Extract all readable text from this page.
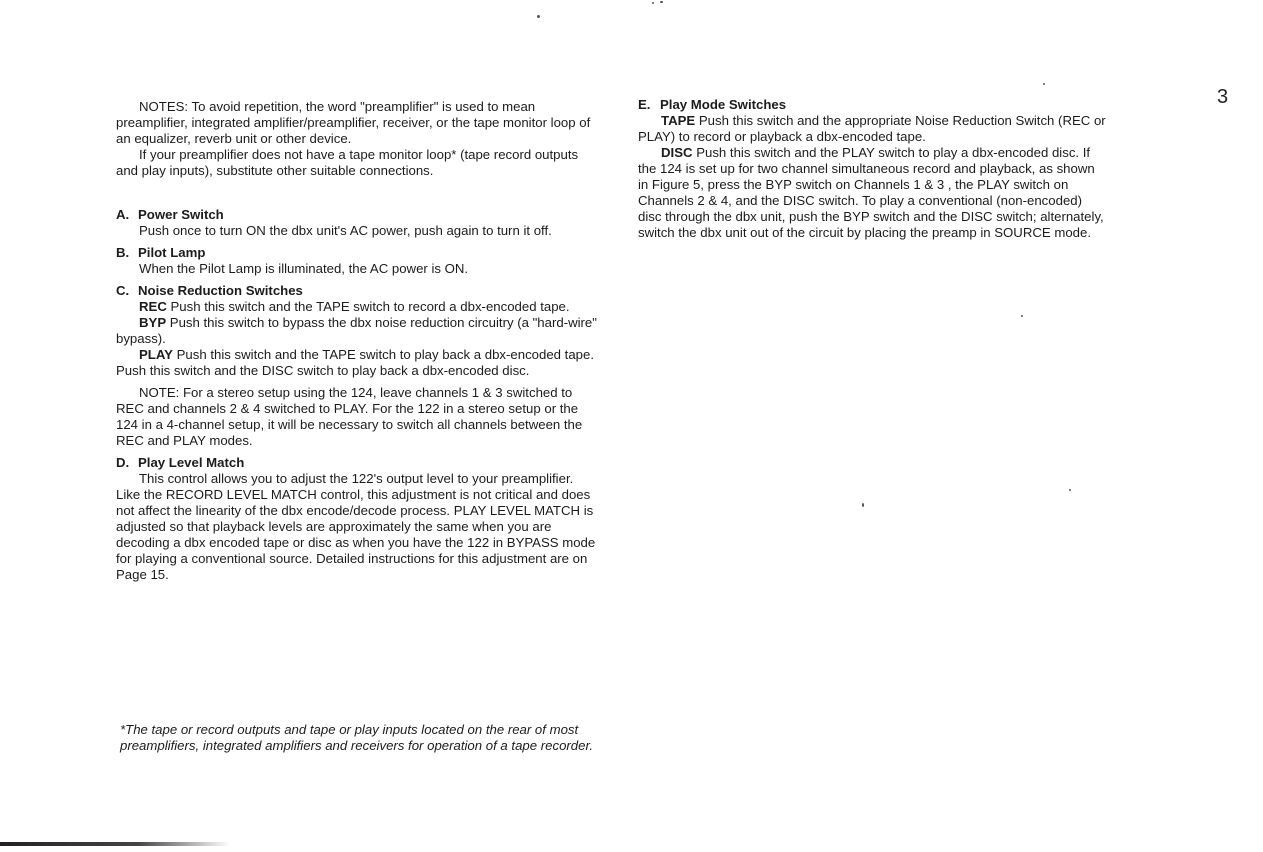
3

NOTES: To avoid repetition, the word "preamplifier" is used to mean preamplifier, integrated amplifier/preamplifier, receiver, or the tape monitor loop of an equalizer, reverb unit or other device.

If your preamplifier does not have a tape monitor loop* (tape record outputs and play inputs), substitute other suitable connections.

A. Power Switch

Push once to turn ON the dbx unit's AC power, push again to turn it off.

B. Pilot Lamp

When the Pilot Lamp is illuminated, the AC power is ON.

C. Noise Reduction Switches

REC Push this switch and the TAPE switch to record a dbx-encoded tape.

BYP Push this switch to bypass the dbx noise reduction circuitry (a "hard-wire" bypass).

PLAY Push this switch and the TAPE switch to play back a dbx-encoded tape. Push this switch and the DISC switch to play back a dbx-encoded disc.

NOTE: For a stereo setup using the 124, leave channels 1 & 3 switched to REC and channels 2 & 4 switched to PLAY. For the 122 in a stereo setup or the 124 in a 4-channel setup, it will be necessary to switch all channels between the REC and PLAY modes.

D. Play Level Match

This control allows you to adjust the 122's output level to your preamplifier. Like the RECORD LEVEL MATCH control, this adjustment is not critical and does not affect the linearity of the dbx encode/decode process. PLAY LEVEL MATCH is adjusted so that playback levels are approximately the same when you are decoding a dbx encoded tape or disc as when you have the 122 in BYPASS mode for playing a conventional source. Detailed instructions for this adjustment are on Page 15.

E. Play Mode Switches

TAPE Push this switch and the appropriate Noise Reduction Switch (REC or PLAY) to record or playback a dbx-encoded tape.

DISC Push this switch and the PLAY switch to play a dbx-encoded disc. If the 124 is set up for two channel simultaneous record and playback, as shown in Figure 5, press the BYP switch on Channels 1 & 3 , the PLAY switch on Channels 2 & 4, and the DISC switch. To play a conventional (non-encoded) disc through the dbx unit, push the BYP switch and the DISC switch; alternately, switch the dbx unit out of the circuit by placing the preamp in SOURCE mode.

*The tape or record outputs and tape or play inputs located on the rear of most preamplifiers, integrated amplifiers and receivers for operation of a tape recorder.
